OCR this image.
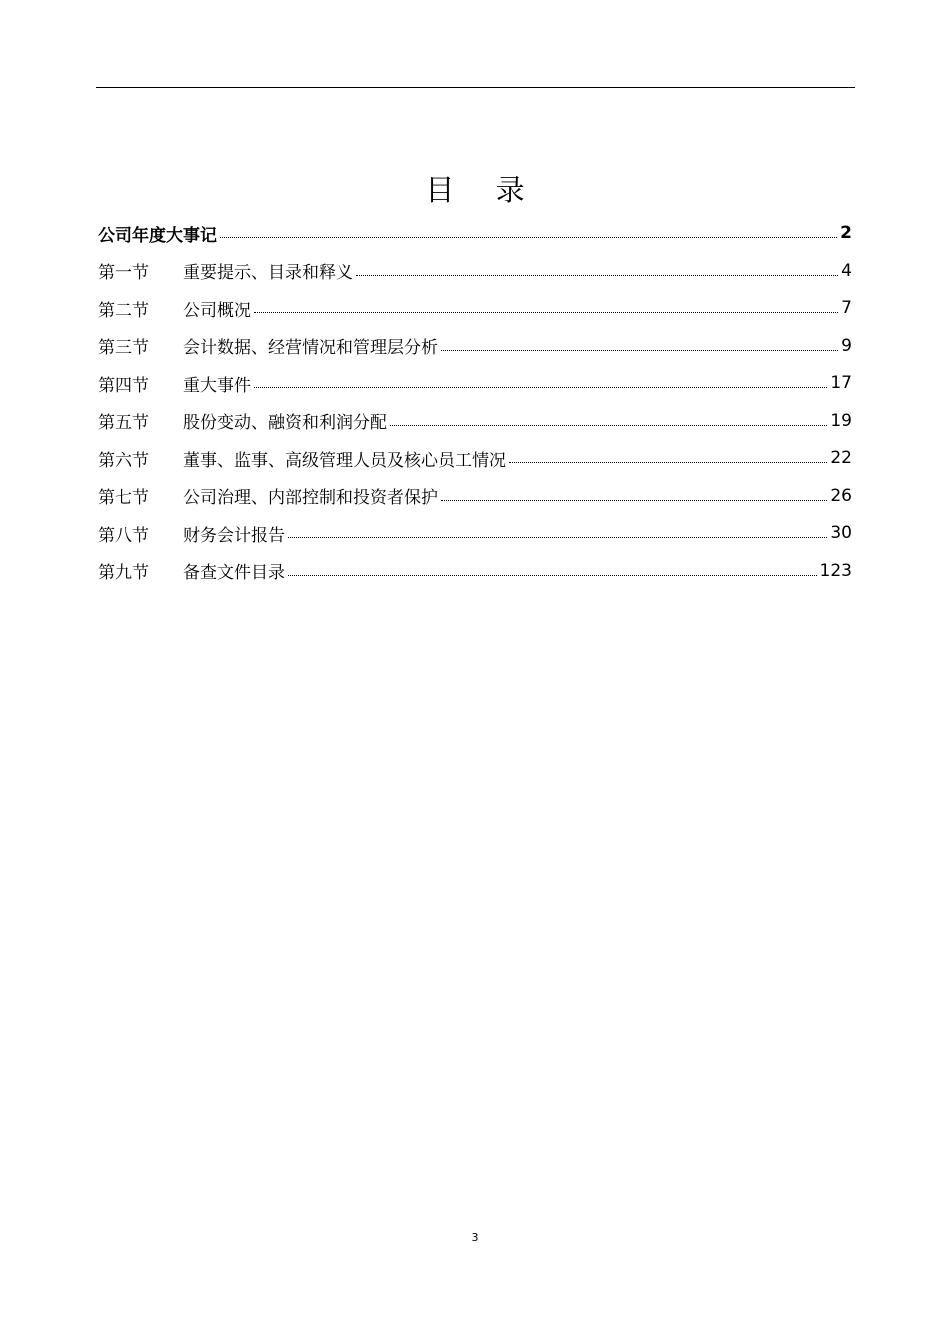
目 录
公司年度大事记	2
第一节	重要提示、目录和释义	4
第二节	公司概况	7
第三节	会计数据、经营情况和管理层分析	9
第四节	重大事件	17
第五节	股份变动、融资和利润分配	19
第六节	董事、监事、高级管理人员及核心员工情况	22
第七节	公司治理、内部控制和投资者保护	26
第八节	财务会计报告	30
第九节	备查文件目录	123
3
